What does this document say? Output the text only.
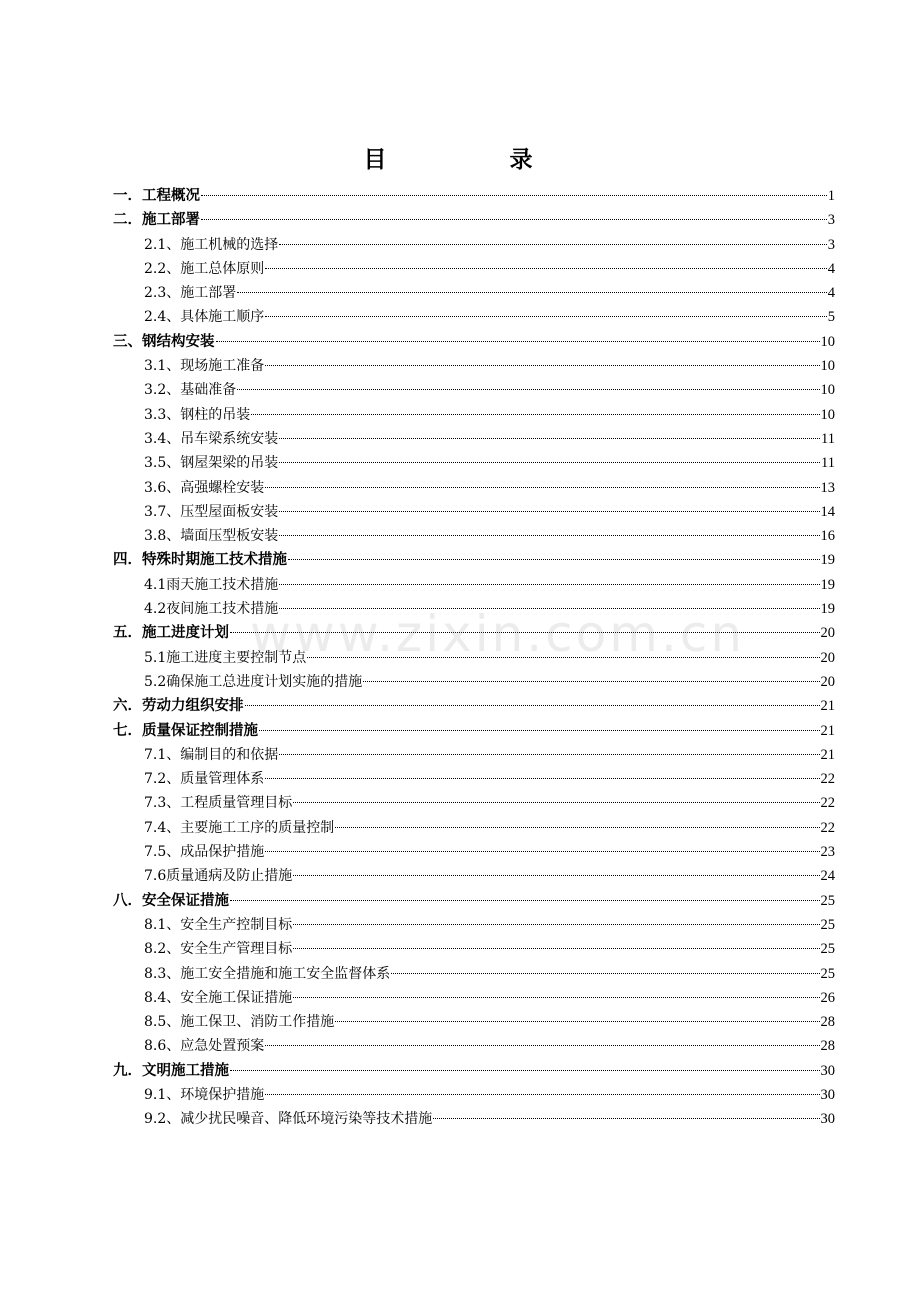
目　录
一．工程概况	1
二．施工部署	3
2.1、施工机械的选择	3
2.2、施工总体原则	4
2.3、施工部署	4
2.4、具体施工顺序	5
三、钢结构安装	10
3.1、现场施工准备	10
3.2、基础准备	10
3.3、钢柱的吊装	10
3.4、吊车梁系统安装	11
3.5、钢屋架梁的吊装	11
3.6、高强螺栓安装	13
3.7、压型屋面板安装	14
3.8、墙面压型板安装	16
四．特殊时期施工技术措施	19
4.1雨天施工技术措施	19
4.2夜间施工技术措施	19
五．施工进度计划	20
5.1施工进度主要控制节点	20
5.2确保施工总进度计划实施的措施	20
六．劳动力组织安排	21
七．质量保证控制措施	21
7.1、编制目的和依据	21
7.2、质量管理体系	22
7.3、工程质量管理目标	22
7.4、主要施工工序的质量控制	22
7.5、成品保护措施	23
7.6质量通病及防止措施	24
八．安全保证措施	25
8.1、安全生产控制目标	25
8.2、安全生产管理目标	25
8.3、施工安全措施和施工安全监督体系	25
8.4、安全施工保证措施	26
8.5、施工保卫、消防工作措施	28
8.6、应急处置预案	28
九．文明施工措施	30
9.1、环境保护措施	30
9.2、减少扰民噪音、降低环境污染等技术措施	30
www.zixin.com.cn
